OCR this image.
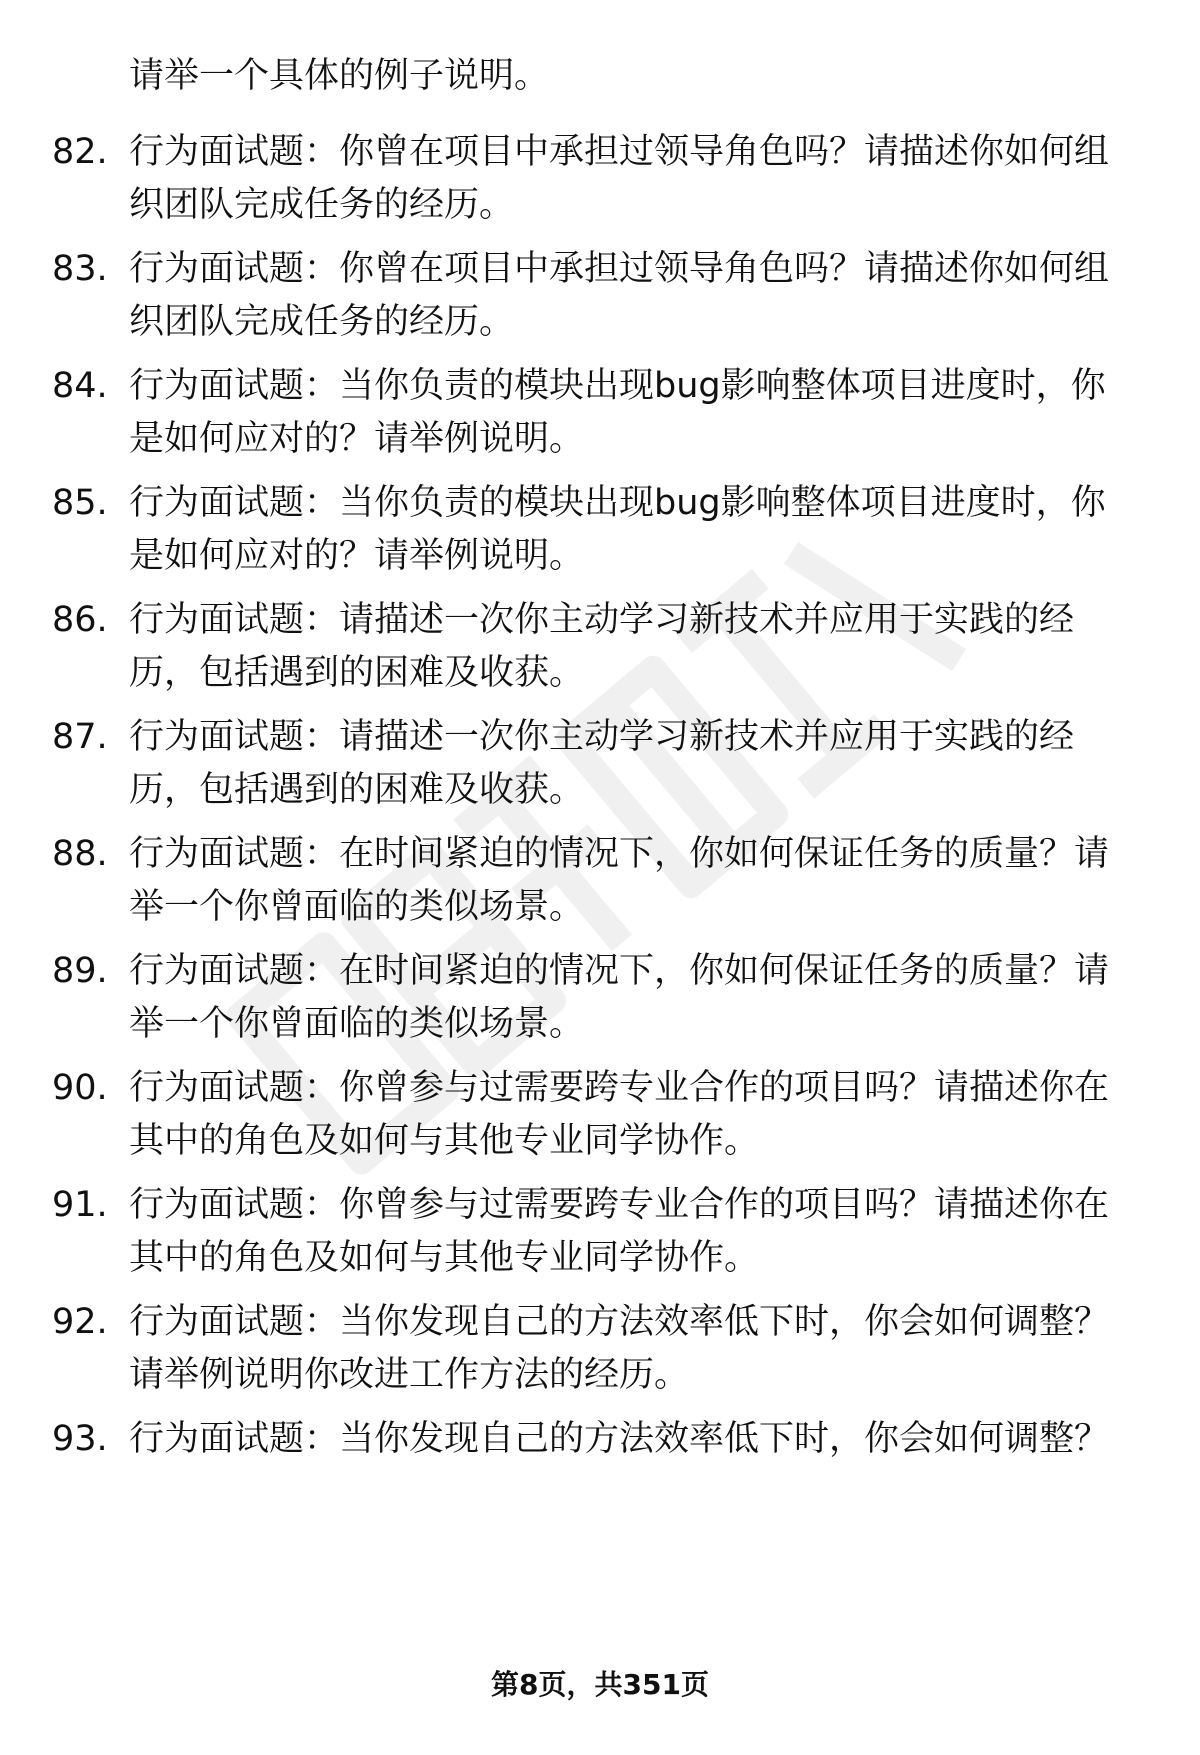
请举一个具体的例子说明。
82. 行为面试题：你曾在项目中承担过领导角色吗？请描述你如何组
织团队完成任务的经历。
83. 行为面试题：你曾在项目中承担过领导角色吗？请描述你如何组
织团队完成任务的经历。
84. 行为面试题：当你负责的模块出现bug影响整体项目进度时，你
是如何应对的？请举例说明。
85. 行为面试题：当你负责的模块出现bug影响整体项目进度时，你
是如何应对的？请举例说明。
86. 行为面试题：请描述一次你主动学习新技术并应用于实践的经
历，包括遇到的困难及收获。
87. 行为面试题：请描述一次你主动学习新技术并应用于实践的经
历，包括遇到的困难及收获。
88. 行为面试题：在时间紧迫的情况下，你如何保证任务的质量？请
举一个你曾面临的类似场景。
89. 行为面试题：在时间紧迫的情况下，你如何保证任务的质量？请
举一个你曾面临的类似场景。
90. 行为面试题：你曾参与过需要跨专业合作的项目吗？请描述你在
其中的角色及如何与其他专业同学协作。
91. 行为面试题：你曾参与过需要跨专业合作的项目吗？请描述你在
其中的角色及如何与其他专业同学协作。
92. 行为面试题：当你发现自己的方法效率低下时，你会如何调整？
请举例说明你改进工作方法的经历。
93. 行为面试题：当你发现自己的方法效率低下时，你会如何调整？
第8页，共351页
